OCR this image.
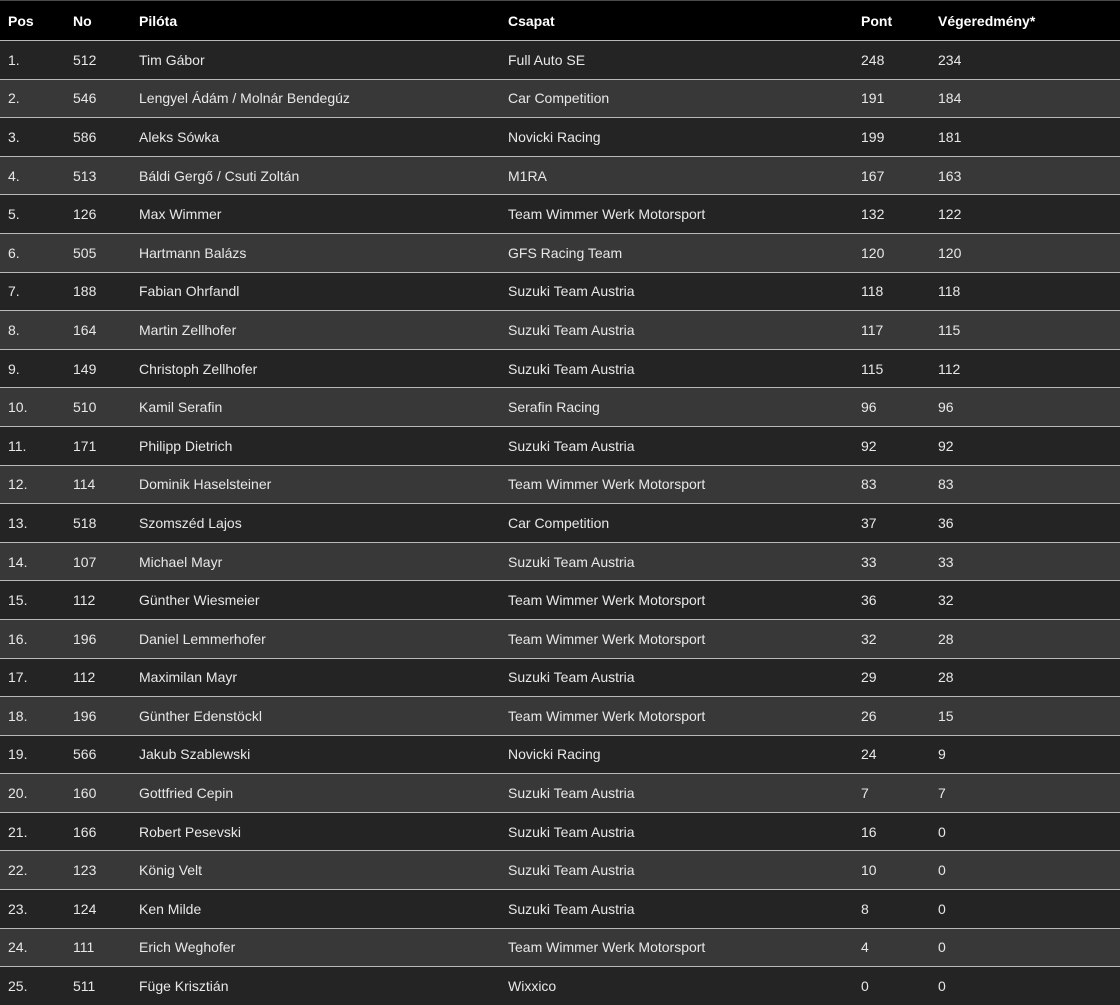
Pos	No	Pilóta	Csapat	Pont	Végeredmény*
1.	512	Tim Gábor	Full Auto SE	248	234
2.	546	Lengyel Ádám / Molnár Bendegúz	Car Competition	191	184
3.	586	Aleks Sówka	Novicki Racing	199	181
4.	513	Báldi Gergő / Csuti Zoltán	M1RA	167	163
5.	126	Max Wimmer	Team Wimmer Werk Motorsport	132	122
6.	505	Hartmann Balázs	GFS Racing Team	120	120
7.	188	Fabian Ohrfandl	Suzuki Team Austria	118	118
8.	164	Martin Zellhofer	Suzuki Team Austria	117	115
9.	149	Christoph Zellhofer	Suzuki Team Austria	115	112
10.	510	Kamil Serafin	Serafin Racing	96	96
11.	171	Philipp Dietrich	Suzuki Team Austria	92	92
12.	114	Dominik Haselsteiner	Team Wimmer Werk Motorsport	83	83
13.	518	Szomszéd Lajos	Car Competition	37	36
14.	107	Michael Mayr	Suzuki Team Austria	33	33
15.	112	Günther Wiesmeier	Team Wimmer Werk Motorsport	36	32
16.	196	Daniel Lemmerhofer	Team Wimmer Werk Motorsport	32	28
17.	112	Maximilan Mayr	Suzuki Team Austria	29	28
18.	196	Günther Edenstöckl	Team Wimmer Werk Motorsport	26	15
19.	566	Jakub Szablewski	Novicki Racing	24	9
20.	160	Gottfried Cepin	Suzuki Team Austria	7	7
21.	166	Robert Pesevski	Suzuki Team Austria	16	0
22.	123	König Velt	Suzuki Team Austria	10	0
23.	124	Ken Milde	Suzuki Team Austria	8	0
24.	111	Erich Weghofer	Team Wimmer Werk Motorsport	4	0
25.	511	Füge Krisztián	Wixxico	0	0
